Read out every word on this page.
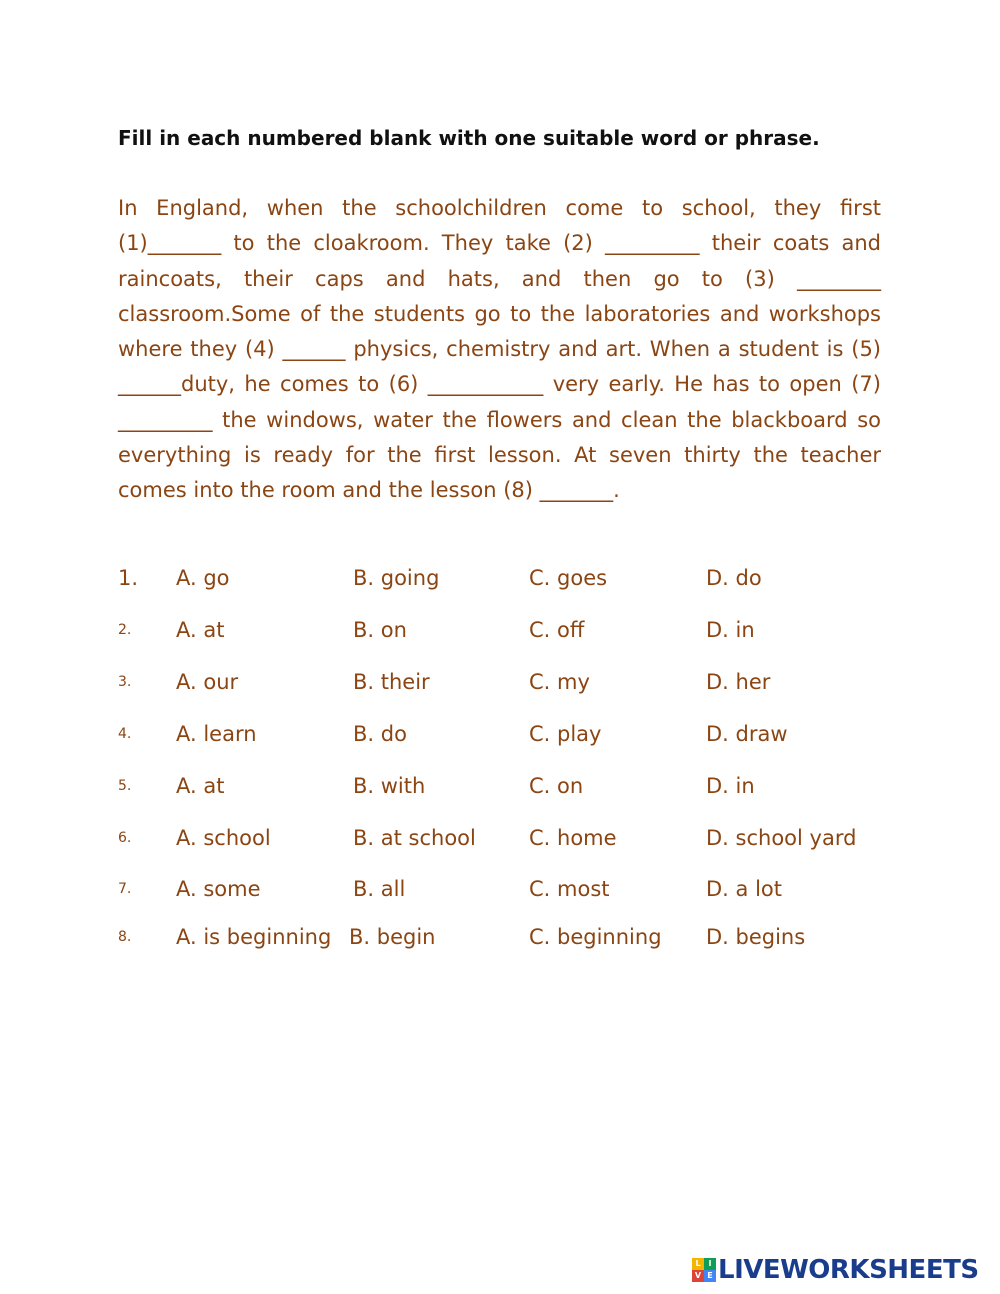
Fill in each numbered blank with one suitable word or phrase.
In England, when the schoolchildren come to school, they first (1)_______ to the cloakroom. They take (2) _________ their coats and raincoats, their caps and hats, and then go to (3) ________ classroom.Some of the students go to the laboratories and workshops where they (4) ______ physics, chemistry and art. When a student is (5) ______duty, he comes to (6) ___________ very early. He has to open (7) _________ the windows, water the flowers and clean the blackboard so everything is ready for the first lesson. At seven thirty the teacher comes into the room and the lesson (8) _______.
1. A. go	B. going	C. goes	D. do
2. A. at	B. on	C. off	D. in
3. A. our	B. their	C. my	D. her
4. A. learn	B. do	C. play	D. draw
5. A. at	B. with	C. on	D. in
6. A. school	B. at school	C. home	D. school yard
7. A. some	B. all	C. most	D. a lot
8. A. is beginning B. begin	C. beginning D. begins
L I
V E LIVEWORKSHEETS
